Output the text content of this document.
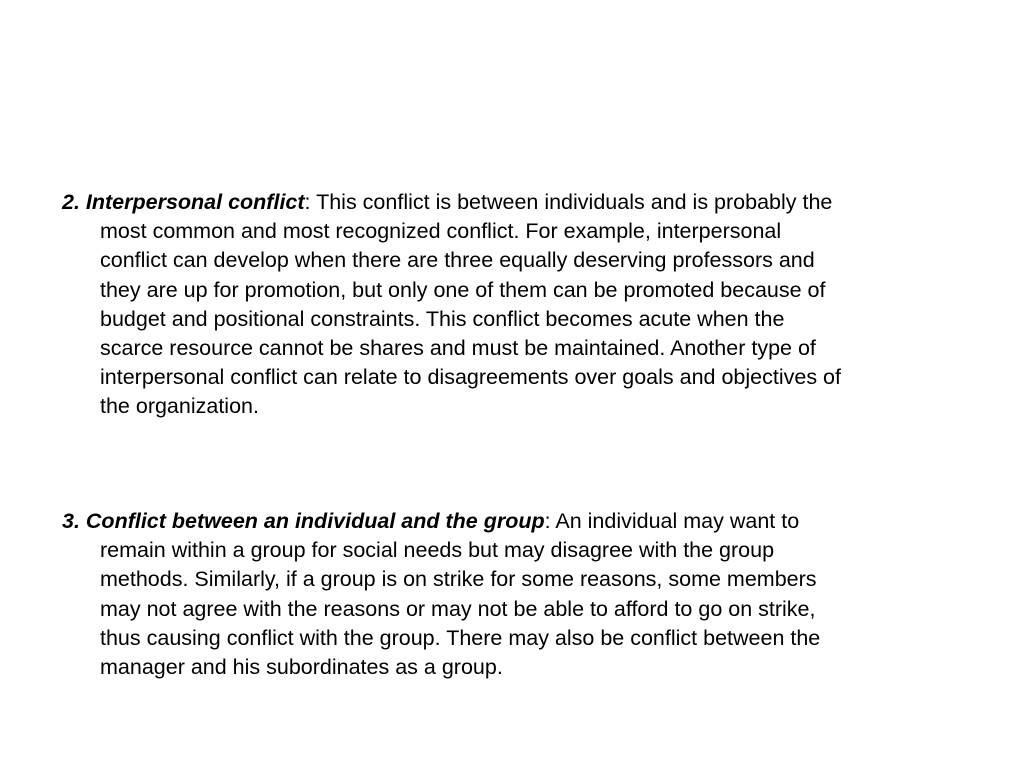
2. Interpersonal conflict: This conflict is between individuals and is probably the
most common and most recognized conflict. For example, interpersonal
conflict can develop when there are three equally deserving professors and
they are up for promotion, but only one of them can be promoted because of
budget and positional constraints. This conflict becomes acute when the
scarce resource cannot be shares and must be maintained. Another type of
interpersonal conflict can relate to disagreements over goals and objectives of
the organization.
3. Conflict between an individual and the group: An individual may want to
remain within a group for social needs but may disagree with the group
methods. Similarly, if a group is on strike for some reasons, some members
may not agree with the reasons or may not be able to afford to go on strike,
thus causing conflict with the group. There may also be conflict between the
manager and his subordinates as a group.
